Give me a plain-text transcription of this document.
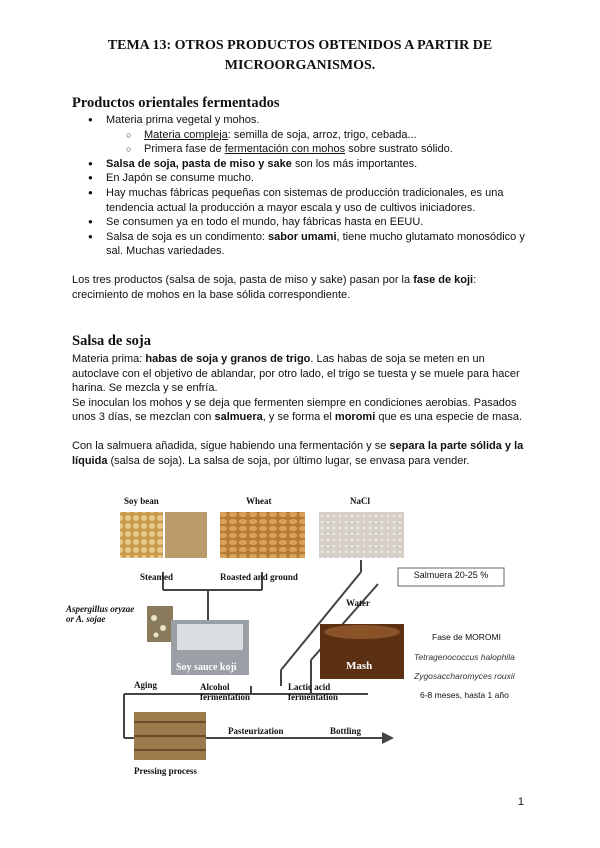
TEMA 13: OTROS PRODUCTOS OBTENIDOS A PARTIR DE
MICROORGANISMOS.
Productos orientales fermentados
● Materia prima vegetal y mohos.
○ Materia compleja: semilla de soja, arroz, trigo, cebada...
○ Primera fase de fermentación con mohos sobre sustrato sólido.
● Salsa de soja, pasta de miso y sake son los más importantes.
● En Japón se consume mucho.
● Hay muchas fábricas pequeñas con sistemas de producción tradicionales, es una tendencia actual la producción a mayor escala y uso de cultivos iniciadores.
● Se consumen ya en todo el mundo, hay fábricas hasta en EEUU.
● Salsa de soja es un condimento: sabor umami, tiene mucho glutamato monosódico y sal. Muchas variedades.

Los tres productos (salsa de soja, pasta de miso y sake) pasan por la fase de koji: crecimiento de mohos en la base sólida correspondiente.

Salsa de soja

Materia prima: habas de soja y granos de trigo. Las habas de soja se meten en un autoclave con el objetivo de ablandar, por otro lado, el trigo se tuesta y se muele para hacer harina. Se mezcla y se enfría.

Se inoculan los mohos y se deja que fermenten siempre en condiciones aerobias. Pasados unos 3 días, se mezclan con salmuera, y se forma el moromi que es una especie de masa.

Con la salmuera añadida, sigue habiendo una fermentación y se separa la parte sólida y la líquida (salsa de soja). La salsa de soja, por último lugar, se envasa para vender.

Soy bean	Wheat	NaCl
Steamed	Roasted and ground	Salmuera 20-25 %
Water
Aspergillus oryzae or A. sojae
Soy sauce koji	Mash
Fase de MOROMI
Tetragenococcus halophila
Zygosaccharomyces rouxii
6-8 meses, hasta 1 año
Aging	Alcohol fermentation
Lactic acid fermentation
Pasteurization	Bottling
Pressing process
1
